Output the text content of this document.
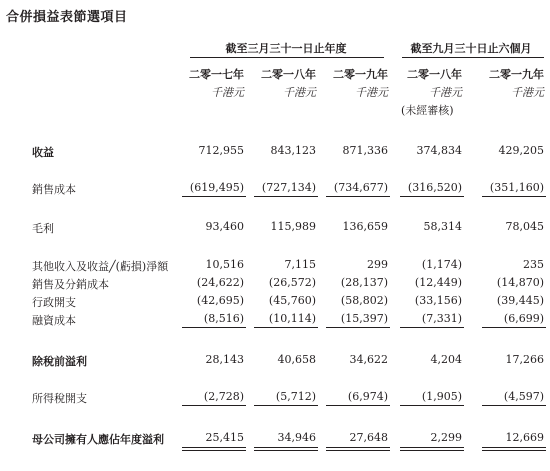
合併損益表節選項目
截至三月三十一日止年度	截至九月三十日止六個月
二零一七年	二零一八年	二零一九年	二零一八年	二零一九年
千港元	千港元	千港元	千港元	千港元
(未經審核)
收益	712,955	843,123	871,336	374,834	429,205
銷售成本	(619,495)	(727,134)	(734,677)	(316,520)	(351,160)
毛利	93,460	115,989	136,659	58,314	78,045
其他收入及收益╱(虧損)淨額	10,516	7,115	299	(1,174)	235
銷售及分銷成本	(24,622)	(26,572)	(28,137)	(12,449)	(14,870)
行政開支	(42,695)	(45,760)	(58,802)	(33,156)	(39,445)
融資成本	(8,516)	(10,114)	(15,397)	(7,331)	(6,699)
除稅前溢利	28,143	40,658	34,622	4,204	17,266
所得稅開支	(2,728)	(5,712)	(6,974)	(1,905)	(4,597)
母公司擁有人應佔年度溢利	25,415	34,946	27,648	2,299	12,669
